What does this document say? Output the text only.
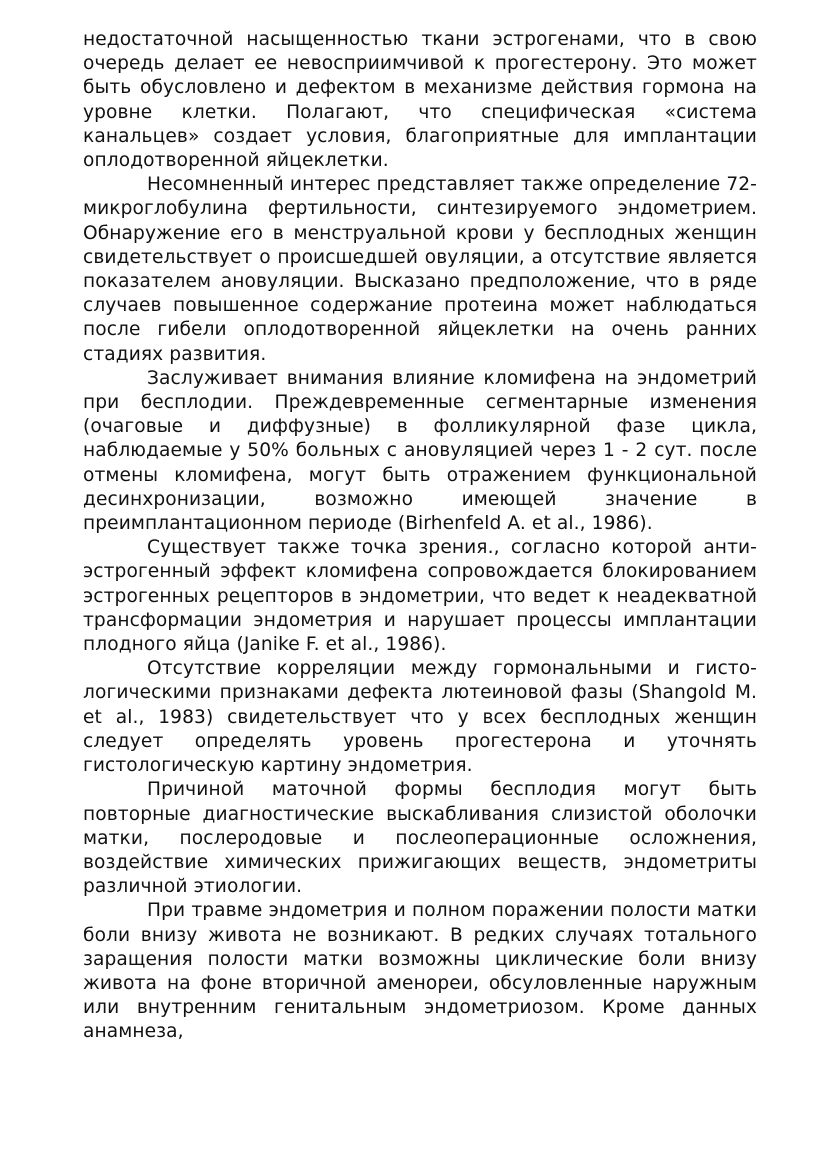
недостаточной насыщенностью ткани эстрогенами, что в свою очередь делает ее невосприимчивой к прогестерону. Это может быть обусловлено и дефектом в механизме действия гормона на уровне клетки. Полагают, что специфическая «система канальцев» создает условия, благоприятные для имплантации оплодотворенной яйцеклетки.

Несомненный интерес представляет также определение 72-микроглобулина фертильности, синтезируемого эндометрием. Обнаружение его в менструальной крови у бесплодных женщин свидетельствует о происшедшей овуляции, а отсутствие является показателем ановуляции. Высказано предположение, что в ряде случаев повышенное содержание протеина может наблюдаться после гибели оплодотворенной яйцеклетки на очень ранних стадиях развития.

Заслуживает внимания влияние кломифена на эндометрий при бесплодии. Преждевременные сегментарные изменения (очаговые и диффузные) в фолликулярной фазе цикла, наблюдаемые у 50% больных с ановуляцией через 1 - 2 сут. после отмены кломифена, могут быть отражением функциональной десинхронизации, возможно имеющей значение в преимплантационном периоде (Birhenfeld A. et al., 1986).

Существует также точка зрения., согласно которой анти-эстрогенный эффект кломифена сопровождается блокированием эстрогенных рецепторов в эндометрии, что ведет к неадекватной трансформации эндометрия и нарушает процессы имплантации плодного яйца (Janike F. et al., 1986).

Отсутствие корреляции между гормональными и гисто-логическими признаками дефекта лютеиновой фазы (Shangold M. et al., 1983) свидетельствует что у всех бесплодных женщин следует определять уровень прогестерона и уточнять гистологическую картину эндометрия.

Причиной маточной формы бесплодия могут быть повторные диагностические выскабливания слизистой оболочки матки, послеродовые и послеоперационные осложнения, воздействие химических прижигающих веществ, эндометриты различной этиологии.

При травме эндометрия и полном поражении полости матки боли внизу живота не возникают. В редких случаях тотального заращения полости матки возможны циклические боли внизу живота на фоне вторичной аменореи, обсуловленные наружным или внутренним генитальным эндометриозом. Кроме данных анамнеза,
